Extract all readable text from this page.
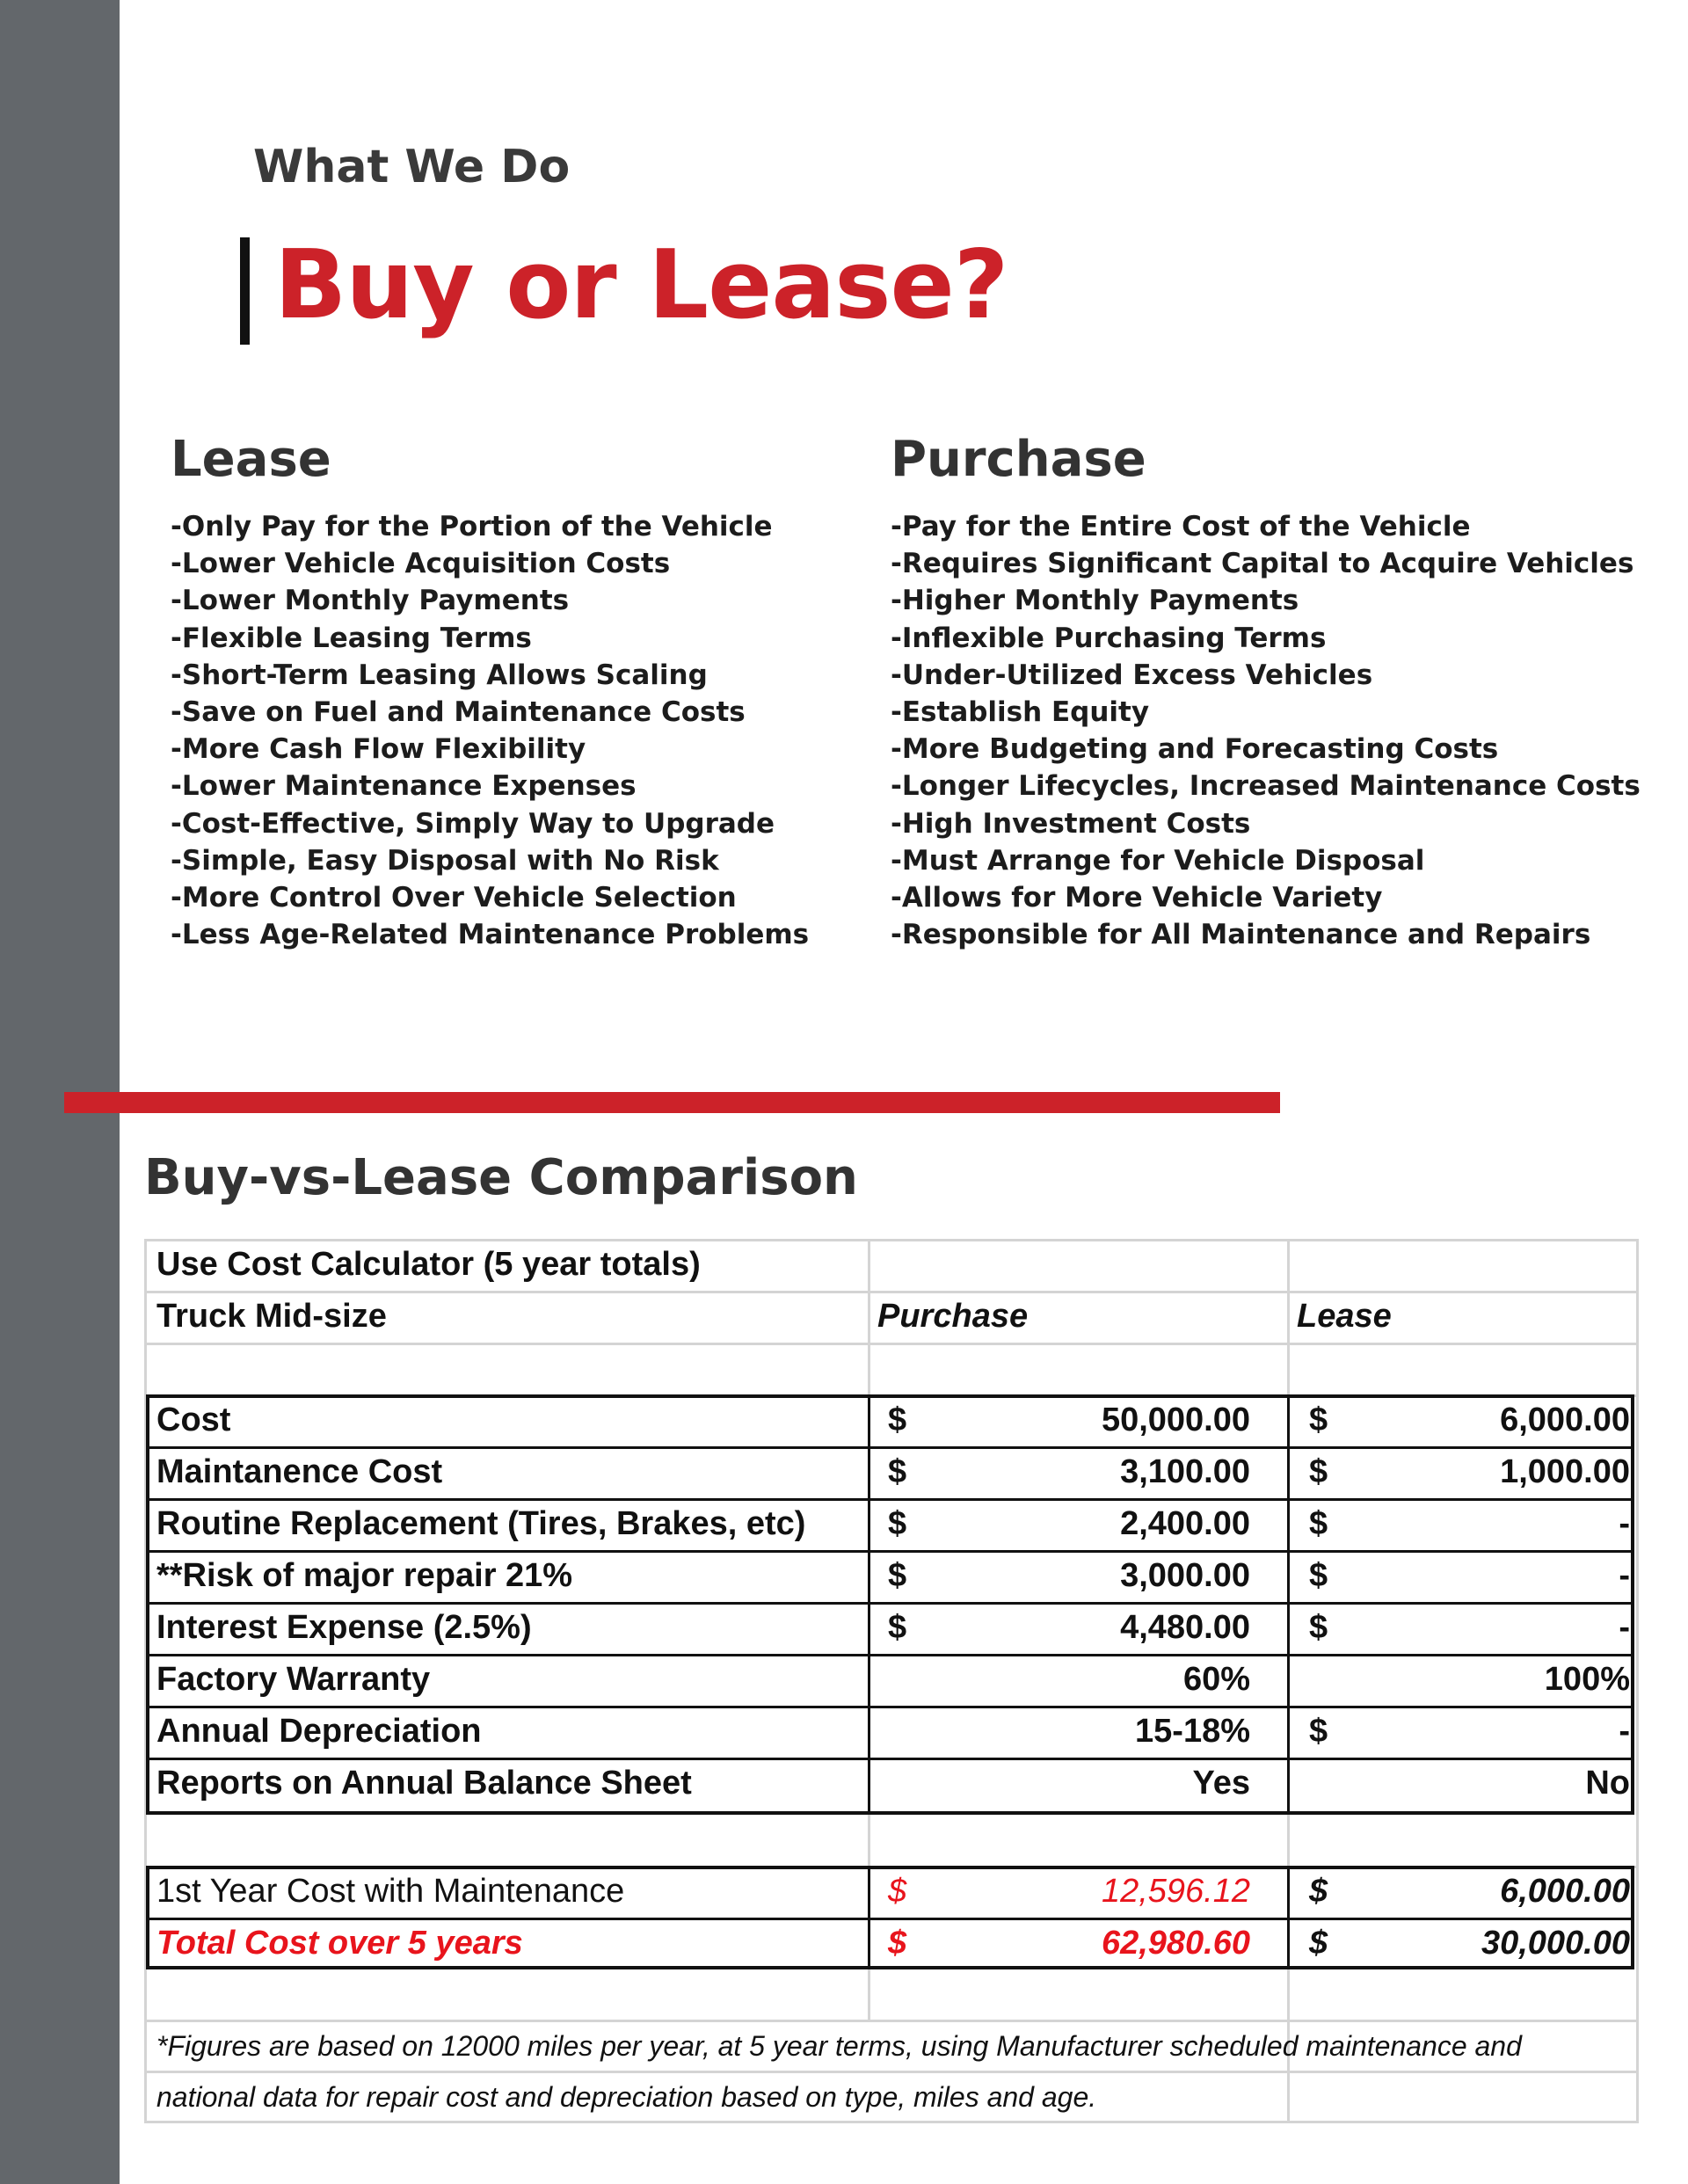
What We Do
Buy or Lease?
Lease
-Only Pay for the Portion of the Vehicle
-Lower Vehicle Acquisition Costs
-Lower Monthly Payments
-Flexible Leasing Terms
-Short-Term Leasing Allows Scaling
-Save on Fuel and Maintenance Costs
-More Cash Flow Flexibility
-Lower Maintenance Expenses
-Cost-Effective, Simply Way to Upgrade
-Simple, Easy Disposal with No Risk
-More Control Over Vehicle Selection
-Less Age-Related Maintenance Problems
Purchase
-Pay for the Entire Cost of the Vehicle
-Requires Significant Capital to Acquire Vehicles
-Higher Monthly Payments
-Inflexible Purchasing Terms
-Under-Utilized Excess Vehicles
-Establish Equity
-More Budgeting and Forecasting Costs
-Longer Lifecycles, Increased Maintenance Costs
-High Investment Costs
-Must Arrange for Vehicle Disposal
-Allows for More Vehicle Variety
-Responsible for All Maintenance and Repairs
Buy-vs-Lease Comparison
Use Cost Calculator (5 year totals)
Truck Mid-size	Purchase	Lease
Cost	$	50,000.00 $	6,000.00
Maintanence Cost	$	3,100.00 $	1,000.00
Routine Replacement (Tires, Brakes, etc) $	2,400.00 $	-
**Risk of major repair 21%	$	3,000.00 $	-
Interest Expense (2.5%)	$	4,480.00 $	-
Factory Warranty	60%	100%
Annual Depreciation	15-18% $	-
Reports on Annual Balance Sheet	Yes	No
1st Year Cost with Maintenance	$	12,596.12 $	6,000.00
Total Cost over 5 years	$	62,980.60 $	30,000.00
*Figures are based on 12000 miles per year, at 5 year terms, using Manufacturer scheduled maintenance and
national data for repair cost and depreciation based on type, miles and age.
